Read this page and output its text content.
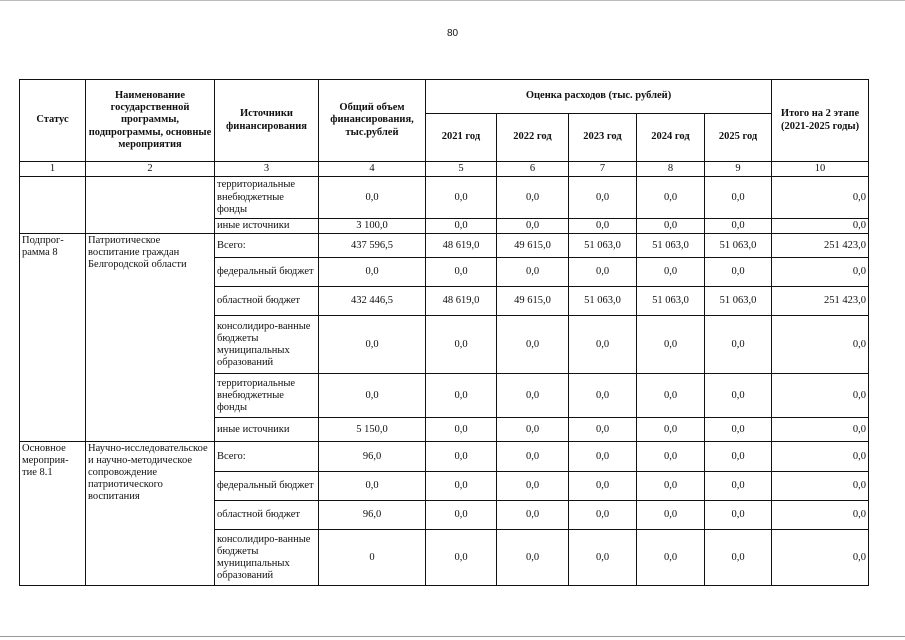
80
Статус	Наименование государственной программы, подпрограммы, основные мероприятия	Источники финансирования	Общий объем финансирования, тыс.рублей	Оценка расходов (тыс. рублей)					Итого на 2 этапе (2021-2025 годы)
				2021 год	2022 год	2023 год	2024 год	2025 год	
1	2	3	4	5	6	7	8	9	10
		территориальные внебюджетные фонды	0,0	0,0	0,0	0,0	0,0	0,0	0,0
		иные источники	3 100,0	0,0	0,0	0,0	0,0	0,0	0,0
Подпрог-рамма 8	Патриотическое воспитание граждан Белгородской области	Всего:	437 596,5	48 619,0	49 615,0	51 063,0	51 063,0	51 063,0	251 423,0
		федеральный бюджет	0,0	0,0	0,0	0,0	0,0	0,0	0,0
		областной бюджет	432 446,5	48 619,0	49 615,0	51 063,0	51 063,0	51 063,0	251 423,0
		консолидиро-ванные бюджеты муниципальных образований	0,0	0,0	0,0	0,0	0,0	0,0	0,0
		территориальные внебюджетные фонды	0,0	0,0	0,0	0,0	0,0	0,0	0,0
		иные источники	5 150,0	0,0	0,0	0,0	0,0	0,0	0,0
Основное мероприя-тие 8.1	Научно-исследовательское и научно-методическое сопровождение патриотического воспитания	Всего:	96,0	0,0	0,0	0,0	0,0	0,0	0,0
		федеральный бюджет	0,0	0,0	0,0	0,0	0,0	0,0	0,0
		областной бюджет	96,0	0,0	0,0	0,0	0,0	0,0	0,0
		консолидиро-ванные бюджеты муниципальных образований	0	0,0	0,0	0,0	0,0	0,0	0,0
